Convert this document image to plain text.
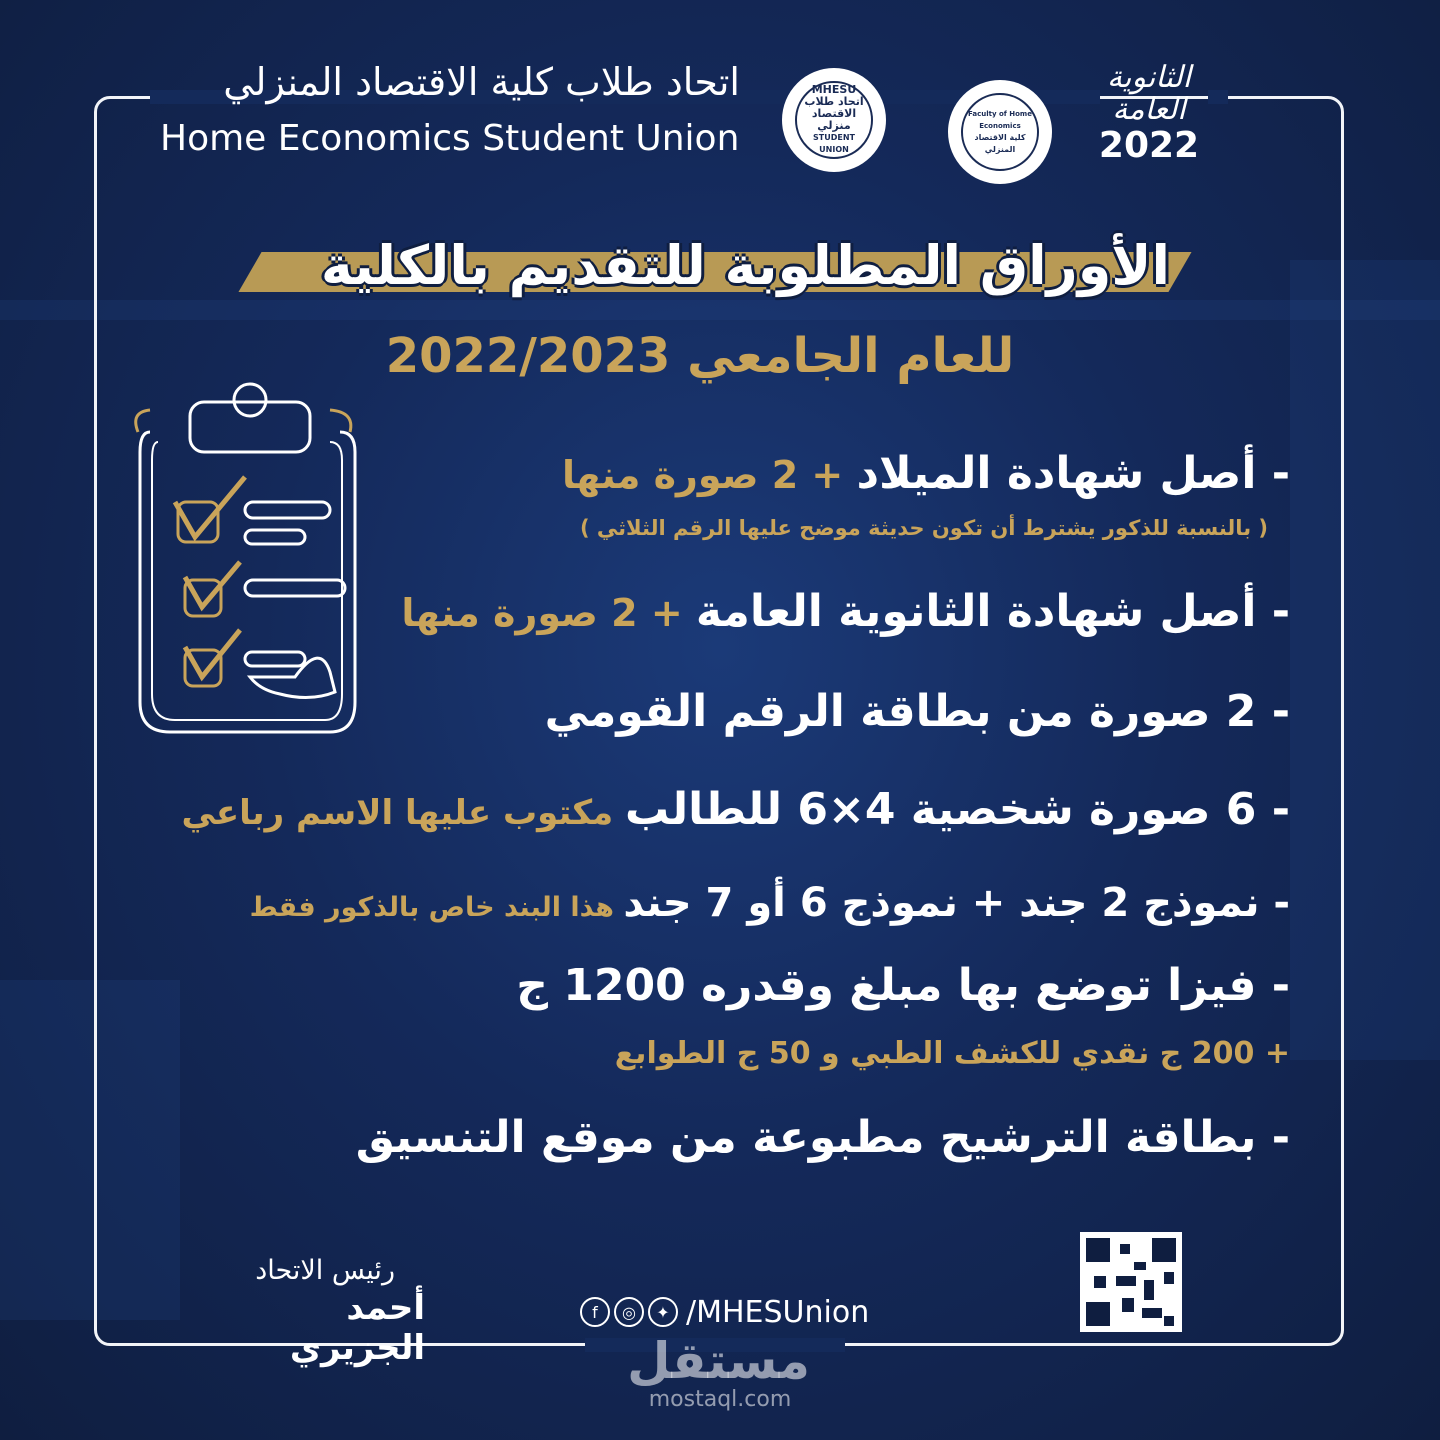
اتحاد طلاب كلية الاقتصاد المنزلي
Home Economics Student Union
MHESU
اتحاد طلاب
الاقتصاد منزلي
STUDENT UNION
Faculty of Home Economics
كلية الاقتصاد المنزلي
الثانوية العامة
2022
الأوراق المطلوبة للتقديم بالكلية
للعام الجامعي 2022/2023
- أصل شهادة الميلاد + 2 صورة منها
( بالنسبة للذكور يشترط أن تكون حديثة موضح عليها الرقم الثلاثي )
- أصل شهادة الثانوية العامة + 2 صورة منها
- 2 صورة من بطاقة الرقم القومي
- 6 صورة شخصية 4×6 للطالب مكتوب عليها الاسم رباعي
- نموذج 2 جند + نموذج 6 أو 7 جند هذا البند خاص بالذكور فقط
- فيزا توضع بها مبلغ وقدره 1200 ج
+ 200 ج نقدي للكشف الطبي و 50 ج الطوابع
- بطاقة الترشيح مطبوعة من موقع التنسيق
f	◎	✦ /MHESUnion
رئيس الاتحاد
أحمد الجزيري	مستقل
mostaql.com
